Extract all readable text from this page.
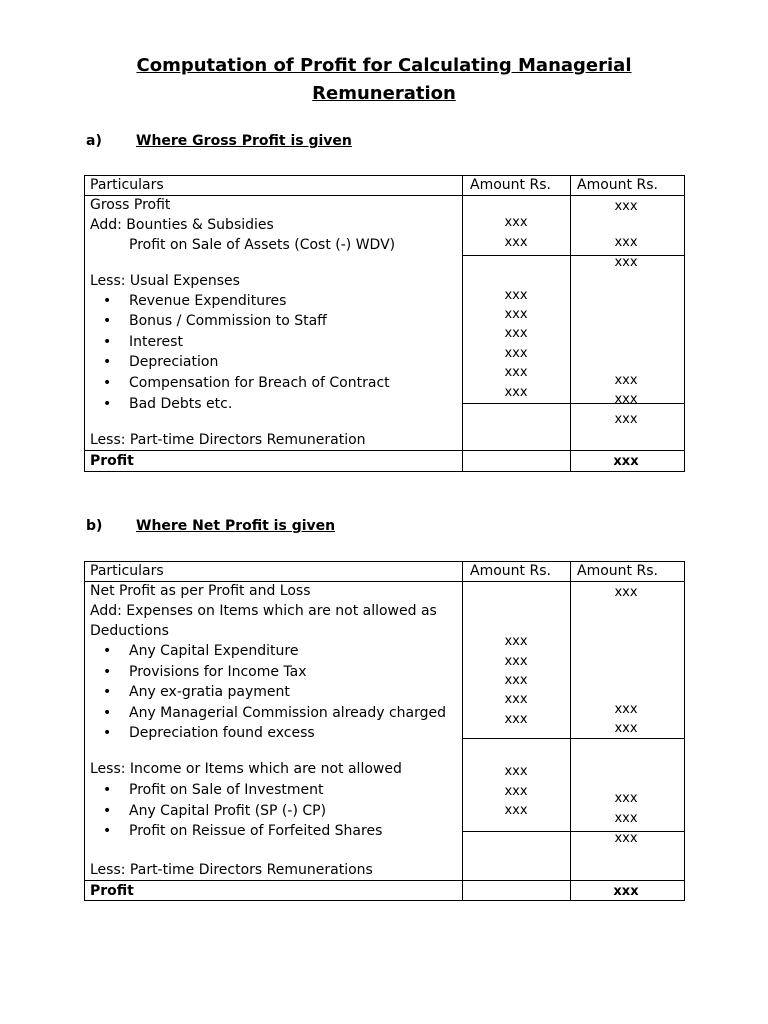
Computation of Profit for Calculating Managerial
Remuneration
a) Where Gross Profit is given
Particulars	Amount Rs. Amount Rs.
Gross Profit
Add: Bounties & Subsidies
Profit on Sale of Assets (Cost (-) WDV)
Less: Usual Expenses
• Revenue Expenditures
• Bonus / Commission to Staff
• Interest
• Depreciation
• Compensation for Breach of Contract
• Bad Debts etc.
Less: Part-time Directors Remuneration
Profit
xxx
xxx
xxx
xxx
xxx
xxx
xxx
xxx
xxx
xxx
xxx
xxx
xxx
xxx
xxx
b) Where Net Profit is given
Particulars	Amount Rs. Amount Rs.
Net Profit as per Profit and Loss
Add: Expenses on Items which are not allowed as
Deductions
• Any Capital Expenditure
• Provisions for Income Tax
• Any ex-gratia payment
• Any Managerial Commission already charged
• Depreciation found excess
Less: Income or Items which are not allowed
• Profit on Sale of Investment
• Any Capital Profit (SP (-) CP)
• Profit on Reissue of Forfeited Shares
Less: Part-time Directors Remunerations
Profit
xxx
xxx
xxx
xxx
xxx
xxx
xxx
xxx
xxx
xxx
xxx
xxx
xxx
xxx
xxx
